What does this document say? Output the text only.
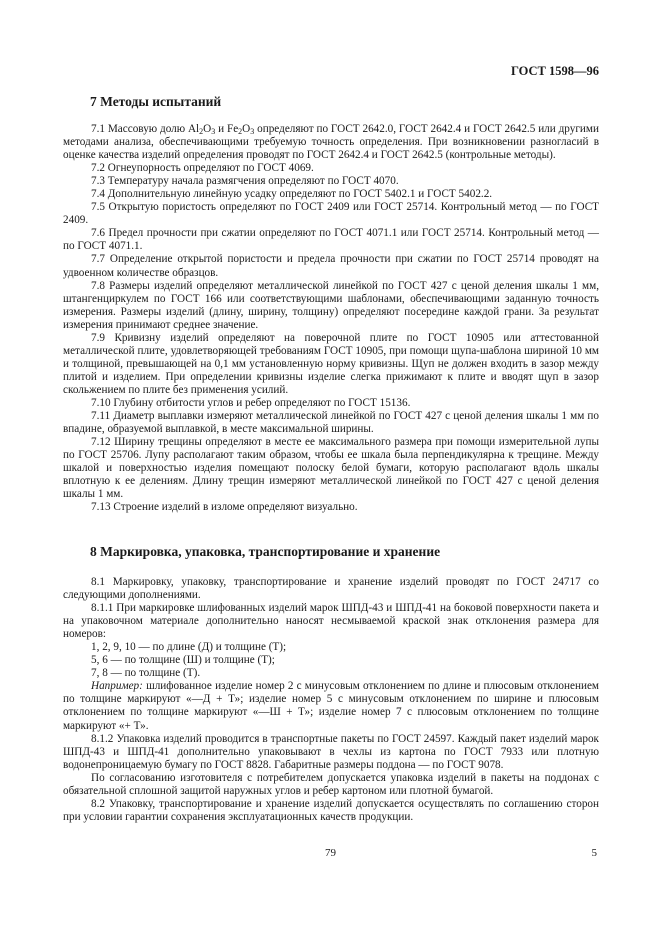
ГОСТ 1598—96
7 Методы испытаний

7.1 Массовую долю $Al_2O_3$ и $Fe_2O_3$ определяют по ГОСТ 2642.0, ГОСТ 2642.4 и ГОСТ 2642.5 или другими методами анализа, обеспечивающими требуемую точность определения. При возникновении разногласий в оценке качества изделий определения проводят по ГОСТ 2642.4 и ГОСТ 2642.5 (контрольные методы).

7.2 Огнеупорность определяют по ГОСТ 4069.

7.3 Температуру начала размягчения определяют по ГОСТ 4070.

7.4 Дополнительную линейную усадку определяют по ГОСТ 5402.1 и ГОСТ 5402.2.

7.5 Открытую пористость определяют по ГОСТ 2409 или ГОСТ 25714. Контрольный метод — по ГОСТ 2409.

7.6 Предел прочности при сжатии определяют по ГОСТ 4071.1 или ГОСТ 25714. Контрольный метод — по ГОСТ 4071.1.

7.7 Определение открытой пористости и предела прочности при сжатии по ГОСТ 25714 проводят на удвоенном количестве образцов.

7.8 Размеры изделий определяют металлической линейкой по ГОСТ 427 с ценой деления шкалы 1 мм, штангенциркулем по ГОСТ 166 или соответствующими шаблонами, обеспечивающими заданную точность измерения. Размеры изделий (длину, ширину, толщину) определяют посередине каждой грани. За результат измерения принимают среднее значение.

7.9 Кривизну изделий определяют на поверочной плите по ГОСТ 10905 или аттестованной металлической плите, удовлетворяющей требованиям ГОСТ 10905, при помощи щупа-шаблона шириной 10 мм и толщиной, превышающей на 0,1 мм установленную норму кривизны. Щуп не должен входить в зазор между плитой и изделием. При определении кривизны изделие слегка прижимают к плите и вводят щуп в зазор скольжением по плите без применения усилий.

7.10 Глубину отбитости углов и ребер определяют по ГОСТ 15136.

7.11 Диаметр выплавки измеряют металлической линейкой по ГОСТ 427 с ценой деления шкалы 1 мм по впадине, образуемой выплавкой, в месте максимальной ширины.

7.12 Ширину трещины определяют в месте ее максимального размера при помощи измерительной лупы по ГОСТ 25706. Лупу располагают таким образом, чтобы ее шкала была перпендикулярна к трещине. Между шкалой и поверхностью изделия помещают полоску белой бумаги, которую располагают вдоль шкалы вплотную к ее делениям. Длину трещин измеряют металлической линейкой по ГОСТ 427 с ценой деления шкалы 1 мм.

7.13 Строение изделий в изломе определяют визуально.

8 Маркировка, упаковка, транспортирование и хранение

8.1 Маркировку, упаковку, транспортирование и хранение изделий проводят по ГОСТ 24717 со следующими дополнениями.

8.1.1 При маркировке шлифованных изделий марок ШПД-43 и ШПД-41 на боковой поверхности пакета и на упаковочном материале дополнительно наносят несмываемой краской знак отклонения размера для номеров:

1, 2, 9, 10 — по длине (Д) и толщине (Т);

5, 6 — по толщине (Ш) и толщине (Т);

7, 8 — по толщине (Т).

Например: шлифованное изделие номер 2 с минусовым отклонением по длине и плюсовым отклонением по толщине маркируют «—Д + Т»; изделие номер 5 с минусовым отклонением по ширине и плюсовым отклонением по толщине маркируют «—Ш + Т»; изделие номер 7 с плюсовым отклонением по толщине маркируют «+ Т».

8.1.2 Упаковка изделий проводится в транспортные пакеты по ГОСТ 24597. Каждый пакет изделий марок ШПД-43 и ШПД-41 дополнительно упаковывают в чехлы из картона по ГОСТ 7933 или плотную водонепроницаемую бумагу по ГОСТ 8828. Габаритные размеры поддона — по ГОСТ 9078.

По согласованию изготовителя с потребителем допускается упаковка изделий в пакеты на поддонах с обязательной сплошной защитой наружных углов и ребер картоном или плотной бумагой.

8.2 Упаковку, транспортирование и хранение изделий допускается осуществлять по соглашению сторон при условии гарантии сохранения эксплуатационных качеств продукции.

79	5
